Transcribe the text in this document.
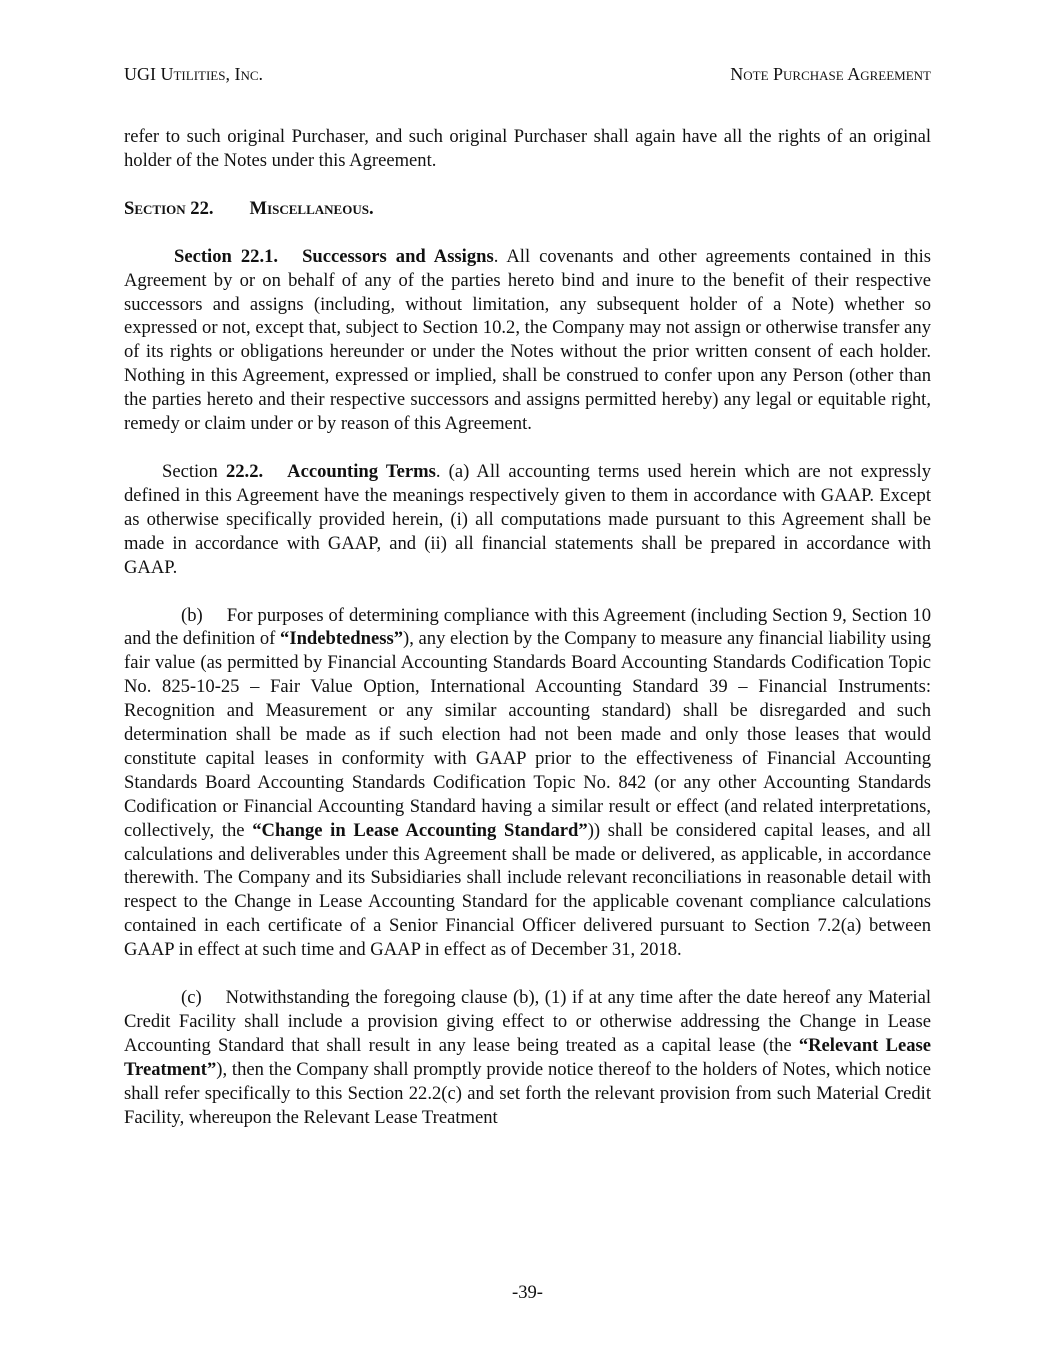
UGI Utilities, Inc.	Note Purchase Agreement

refer to such original Purchaser, and such original Purchaser shall again have all the rights of an original holder of the Notes under this Agreement.

Section 22. Miscellaneous.

Section 22.1. Successors and Assigns. All covenants and other agreements contained in this Agreement by or on behalf of any of the parties hereto bind and inure to the benefit of their respective successors and assigns (including, without limitation, any subsequent holder of a Note) whether so expressed or not, except that, subject to Section 10.2, the Company may not assign or otherwise transfer any of its rights or obligations hereunder or under the Notes without the prior written consent of each holder. Nothing in this Agreement, expressed or implied, shall be construed to confer upon any Person (other than the parties hereto and their respective successors and assigns permitted hereby) any legal or equitable right, remedy or claim under or by reason of this Agreement.

Section 22.2. Accounting Terms. (a) All accounting terms used herein which are not expressly defined in this Agreement have the meanings respectively given to them in accordance with GAAP. Except as otherwise specifically provided herein, (i) all computations made pursuant to this Agreement shall be made in accordance with GAAP, and (ii) all financial statements shall be prepared in accordance with GAAP.

(b) For purposes of determining compliance with this Agreement (including Section 9, Section 10 and the definition of “Indebtedness”), any election by the Company to measure any financial liability using fair value (as permitted by Financial Accounting Standards Board Accounting Standards Codification Topic No. 825-10-25 – Fair Value Option, International Accounting Standard 39 – Financial Instruments: Recognition and Measurement or any similar accounting standard) shall be disregarded and such determination shall be made as if such election had not been made and only those leases that would constitute capital leases in conformity with GAAP prior to the effectiveness of Financial Accounting Standards Board Accounting Standards Codification Topic No. 842 (or any other Accounting Standards Codification or Financial Accounting Standard having a similar result or effect (and related interpretations, collectively, the “Change in Lease Accounting Standard”)) shall be considered capital leases, and all calculations and deliverables under this Agreement shall be made or delivered, as applicable, in accordance therewith. The Company and its Subsidiaries shall include relevant reconciliations in reasonable detail with respect to the Change in Lease Accounting Standard for the applicable covenant compliance calculations contained in each certificate of a Senior Financial Officer delivered pursuant to Section 7.2(a) between GAAP in effect at such time and GAAP in effect as of December 31, 2018.

(c) Notwithstanding the foregoing clause (b), (1) if at any time after the date hereof any Material Credit Facility shall include a provision giving effect to or otherwise addressing the Change in Lease Accounting Standard that shall result in any lease being treated as a capital lease (the “Relevant Lease Treatment”), then the Company shall promptly provide notice thereof to the holders of Notes, which notice shall refer specifically to this Section 22.2(c) and set forth the relevant provision from such Material Credit Facility, whereupon the Relevant Lease Treatment

-39-
